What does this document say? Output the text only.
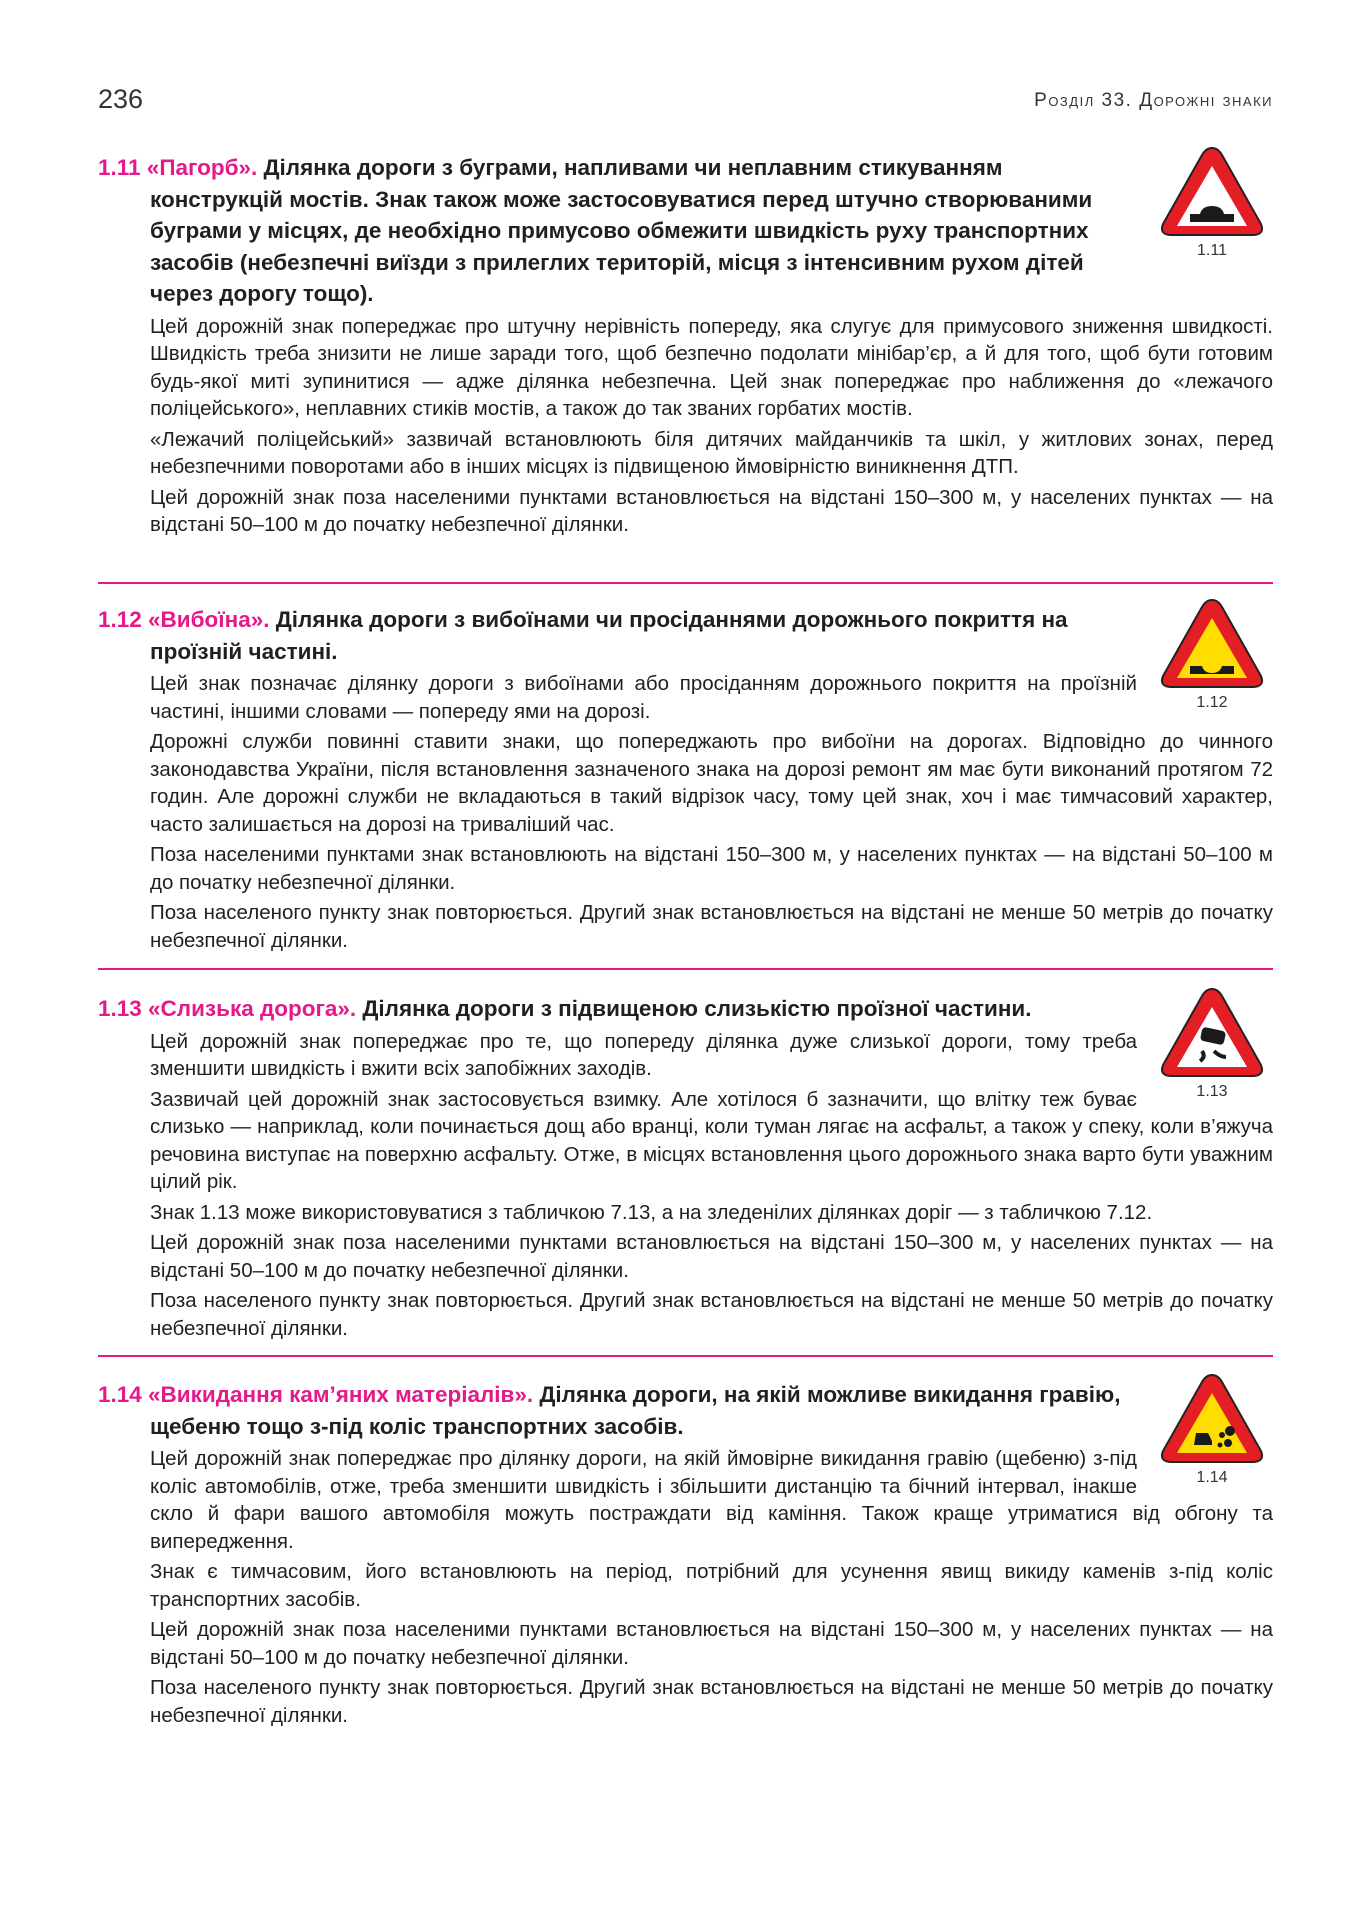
236	Розділ 33. Дорожні знаки
1.11
1.11 «Пагорб». Ділянка дороги з буграми, напливами чи неплавним стикуванням конструкцій мостів. Знак також може застосовуватися перед штучно створюваними буграми у місцях, де необхідно примусово обмежити швидкість руху транспортних засобів (небезпечні виїзди з прилеглих територій, місця з інтенсивним рухом дітей через дорогу тощо).

Цей дорожній знак попереджає про штучну нерівність попереду, яка слугує для примусового зниження швидкості. Швидкість треба знизити не лише заради того, щоб безпечно подолати мінібар’єр, а й для того, щоб бути готовим будь-якої миті зупинитися — адже ділянка небезпечна. Цей знак попереджає про наближення до «лежачого поліцейського», неплавних стиків мостів, а також до так званих горбатих мостів.

«Лежачий поліцейський» зазвичай встановлюють біля дитячих майданчиків та шкіл, у житлових зонах, перед небезпечними поворотами або в інших місцях із підвищеною ймовірністю виникнення ДТП.

Цей дорожній знак поза населеними пунктами встановлюється на відстані 150–300 м, у населених пунктах — на відстані 50–100 м до початку небезпечної ділянки.

1.12
1.12 «Вибоїна». Ділянка дороги з вибоїнами чи просіданнями дорожнього покриття на проїзній частині.

Цей знак позначає ділянку дороги з вибоїнами або просіданням дорожнього покриття на проїзній частині, іншими словами — попереду ями на дорозі.

Дорожні служби повинні ставити знаки, що попереджають про вибоїни на дорогах. Відповідно до чинного законодавства України, після встановлення зазначеного знака на дорозі ремонт ям має бути виконаний протягом 72 годин. Але дорожні служби не вкладаються в такий відрізок часу, тому цей знак, хоч і має тимчасовий характер, часто залишається на дорозі на триваліший час.

Поза населеними пунктами знак встановлюють на відстані 150–300 м, у населених пунктах — на відстані 50–100 м до початку небезпечної ділянки.

Поза населеного пункту знак повторюється. Другий знак встановлюється на відстані не менше 50 метрів до початку небезпечної ділянки.

1.13
1.13 «Слизька дорога». Ділянка дороги з підвищеною слизькістю проїзної частини.

Цей дорожній знак попереджає про те, що попереду ділянка дуже слизької дороги, тому треба зменшити швидкість і вжити всіх запобіжних заходів.

Зазвичай цей дорожній знак застосовується взимку. Але хотілося б зазначити, що влітку теж буває слизько — наприклад, коли починається дощ або вранці, коли туман лягає на асфальт, а також у спеку, коли в’яжуча речовина виступає на поверхню асфальту. Отже, в місцях встановлення цього дорожнього знака варто бути уважним цілий рік.

Знак 1.13 може використовуватися з табличкою 7.13, а на зледенілих ділянках доріг — з табличкою 7.12.

Цей дорожній знак поза населеними пунктами встановлюється на відстані 150–300 м, у населених пунктах — на відстані 50–100 м до початку небезпечної ділянки.

Поза населеного пункту знак повторюється. Другий знак встановлюється на відстані не менше 50 метрів до початку небезпечної ділянки.

1.14
1.14 «Викидання кам’яних матеріалів». Ділянка дороги, на якій можливе викидання гравію, щебеню тощо з-під коліс транспортних засобів.

Цей дорожній знак попереджає про ділянку дороги, на якій ймовірне викидання гравію (щебеню) з-під коліс автомобілів, отже, треба зменшити швидкість і збільшити дистанцію та бічний інтервал, інакше скло й фари вашого автомобіля можуть постраждати від каміння. Також краще утриматися від обгону та випередження.

Знак є тимчасовим, його встановлюють на період, потрібний для усунення явищ викиду каменів з-під коліс транспортних засобів.

Цей дорожній знак поза населеними пунктами встановлюється на відстані 150–300 м, у населених пунктах — на відстані 50–100 м до початку небезпечної ділянки.

Поза населеного пункту знак повторюється. Другий знак встановлюється на відстані не менше 50 метрів до початку небезпечної ділянки.
